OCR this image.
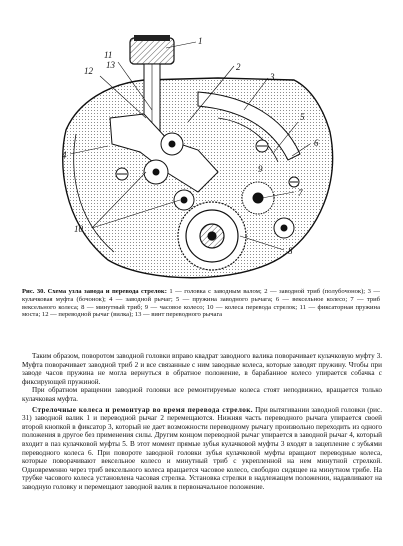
1
2
3
4
5
6
7
8
9
10
11
12
13
Рис. 30. Схема узла завода и перевода стрелок: 1 — головка с заводным валом; 2 — заводной триб (полубочонок); 3 — кулачковая муфта (бочонок); 4 — заводной рычаг; 5 — пружина заводного рычага; 6 — вексельное колесо; 7 — триб вексельного колеса; 8 — минутный триб; 9 — часовое колесо; 10 — колеса перевода стрелок; 11 — фиксаторная пружина моста; 12 — переводной рычаг (вилка); 13 — винт переводного рычага

Таким образом, поворотом заводной головки вправо квадрат заводного валика поворачивает кулачковую муфту 3. Муфта поворачивает заводной триб 2 и все связанные с ним заводные колеса, которые заводят пружину. Чтобы при заводе часов пружина не могла вернуться в обратное положение, в барабанное колесо упирается собачка с фиксирующей пружиной.

При обратном вращении заводной головки все ремонтируемые колеса стоят неподвижно, вращается только кулачковая муфта.

Стрелочные колеса и ремонтуар во время перевода стрелок. При вытягивании заводной головки (рис. 31) заводной валик 1 и переводной рычаг 2 перемещаются. Нижняя часть переводного рычага упирается своей второй кнопкой в фиксатор 3, который не дает возможности переводному рычагу произвольно переходить из одного положения в другое без применения силы. Другим концом переводной рычаг упирается в заводной рычаг 4, который входит в паз кулачковой муфты 5. В этот момент прямые зубья кулачковой муфты 3 входят в зацепление с зубьями переводного колеса 6. При повороте заводной головки зубья кулачковой муфты вращают переводные колеса, которые поворачивают вексельное колесо и минутный триб с укрепленной на нем минутной стрелкой. Одновременно через триб вексельного колеса вращается часовое колесо, свободно сидящее на минутном трибе. На трубке часового колеса установлена часовая стрелка. Установка стрелки в надлежащем положении, надавливают на заводную головку и перемещают заводной валик в первоначальное положение.
